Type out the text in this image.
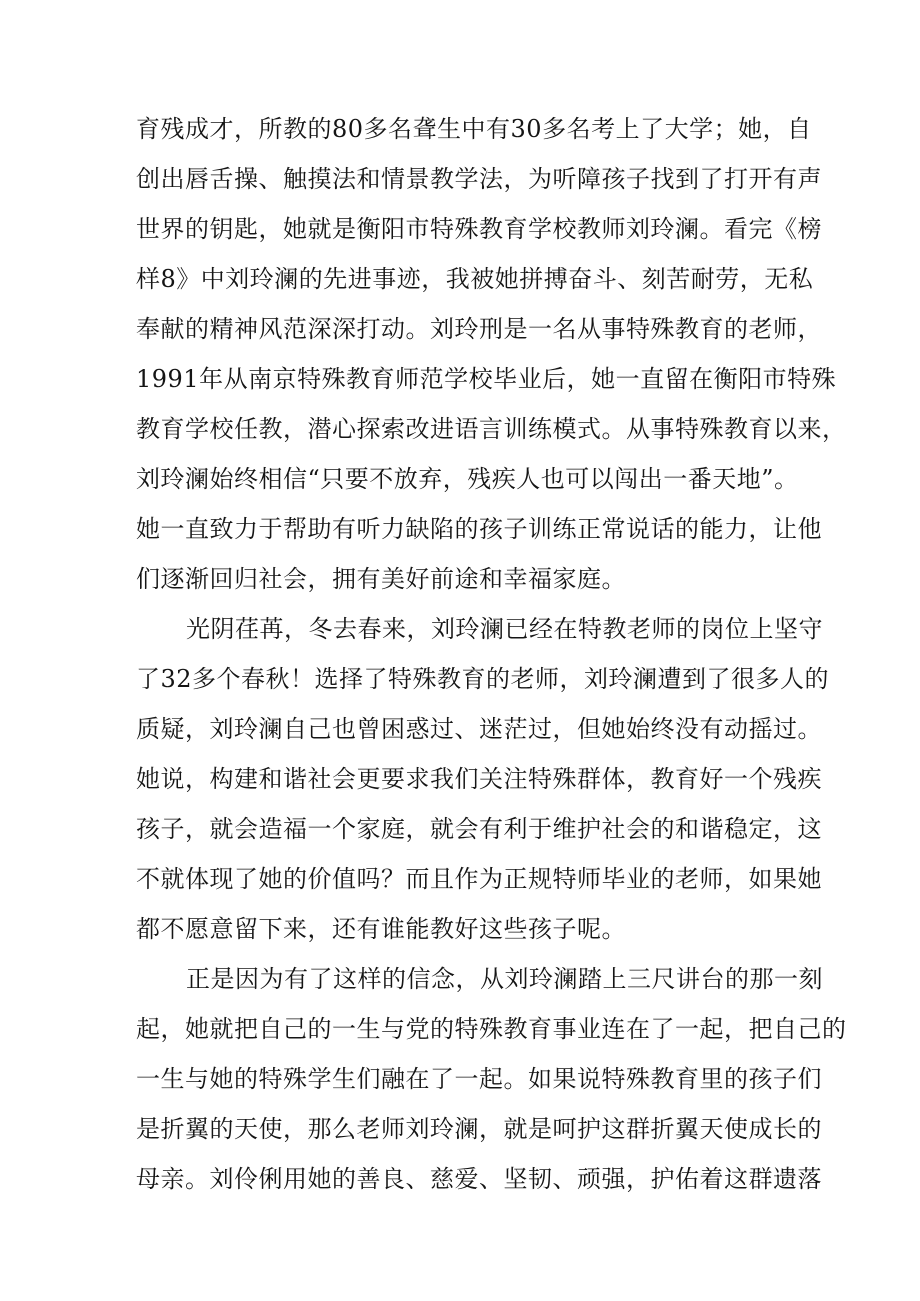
育残成才，所教的80多名聋生中有30多名考上了大学；她，自
创出唇舌操、触摸法和情景教学法，为听障孩子找到了打开有声
世界的钥匙，她就是衡阳市特殊教育学校教师刘玲澜。看完《榜
样8》中刘玲澜的先进事迹，我被她拼搏奋斗、刻苦耐劳，无私
奉献的精神风范深深打动。刘玲刑是一名从事特殊教育的老师，
1991年从南京特殊教育师范学校毕业后，她一直留在衡阳市特殊
教育学校任教，潜心探索改进语言训练模式。从事特殊教育以来，
刘玲澜始终相信“只要不放弃，残疾人也可以闯出一番天地”。
她一直致力于帮助有听力缺陷的孩子训练正常说话的能力，让他
们逐渐回归社会，拥有美好前途和幸福家庭。
光阴荏苒，冬去春来，刘玲澜已经在特教老师的岗位上坚守
了32多个春秋！选择了特殊教育的老师，刘玲澜遭到了很多人的
质疑，刘玲澜自己也曾困惑过、迷茫过，但她始终没有动摇过。
她说，构建和谐社会更要求我们关注特殊群体，教育好一个残疾
孩子，就会造福一个家庭，就会有利于维护社会的和谐稳定，这
不就体现了她的价值吗？而且作为正规特师毕业的老师，如果她
都不愿意留下来，还有谁能教好这些孩子呢。
正是因为有了这样的信念，从刘玲澜踏上三尺讲台的那一刻
起，她就把自己的一生与党的特殊教育事业连在了一起，把自己的
一生与她的特殊学生们融在了一起。如果说特殊教育里的孩子们
是折翼的天使，那么老师刘玲澜，就是呵护这群折翼天使成长的
母亲。刘伶俐用她的善良、慈爱、坚韧、顽强，护佑着这群遗落
